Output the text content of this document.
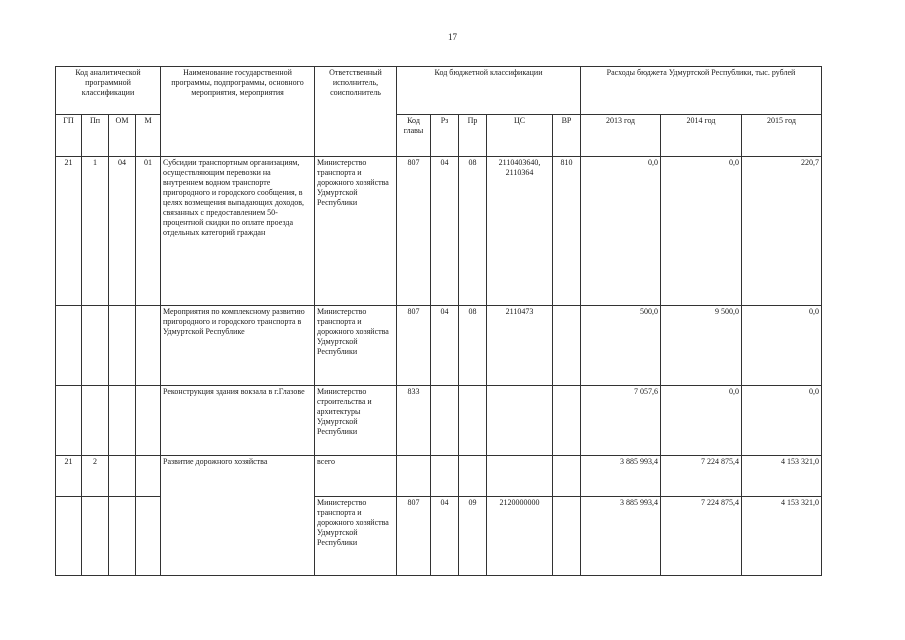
17
Код аналитической программной классификации				Наименование государственной программы, подпрограммы, основного мероприятия, мероприятия	Ответственный исполнитель, соисполнитель	Код бюджетной классификации					Расходы бюджета Удмуртской Республики, тыс. рублей		
ГП	Пп	ОМ	М			Код главы	Рз	Пр	ЦС	ВР	2013 год	2014 год	2015 год
21	1	04	01	Субсидии транспортным организациям, осуществляющим перевозки на внутреннем водном транспорте пригородного и городского сообщения, в целях возмещения выпадающих доходов, связанных с предоставлением 50-процентной скидки по оплате проезда отдельных категорий граждан	Министерство транспорта и дорожного хозяйства Удмуртской Республики	807	04	08	2110403640, 2110364	810	0,0	0,0	220,7
				Мероприятия по комплексному развитию пригородного и городского транспорта в Удмуртской Республике	Министерство транспорта и дорожного хозяйства Удмуртской Республики	807	04	08	2110473		500,0	9 500,0	0,0
				Реконструкция здания вокзала в г.Глазове	Министерство строительства и архитектуры Удмуртской Республики	833					7 057,6	0,0	0,0
21	2			Развитие дорожного хозяйства	всего						3 885 993,4	7 224 875,4	4 153 321,0
					Министерство транспорта и дорожного хозяйства Удмуртской Республики	807	04	09	2120000000		3 885 993,4	7 224 875,4	4 153 321,0
